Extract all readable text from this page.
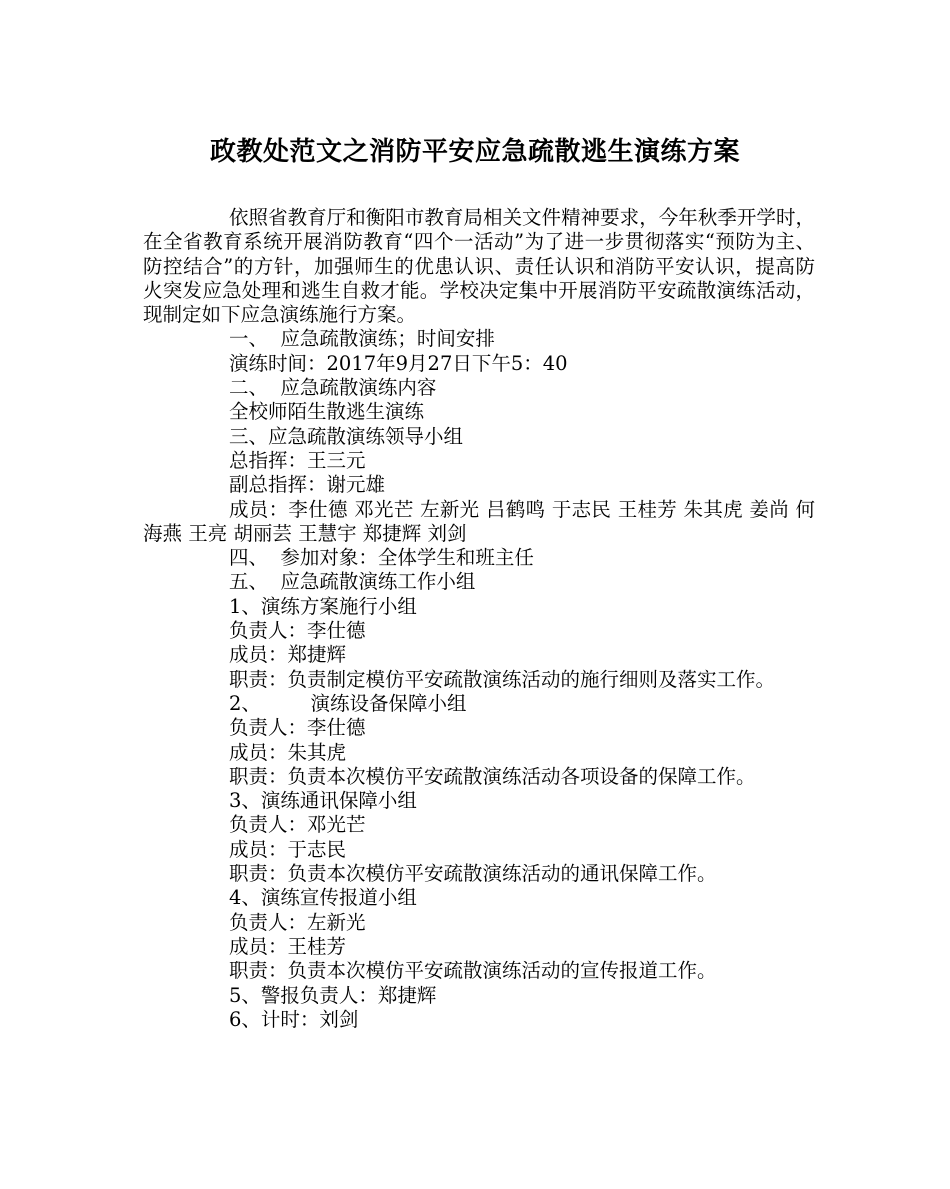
政教处范文之消防平安应急疏散逃生演练方案

依照省教育厅和衡阳市教育局相关文件精神要求，今年秋季开学时，在全省教育系统开展消防教育“四个一活动”为了进一步贯彻落实“预防为主、防控结合”的方针，加强师生的优患认识、责任认识和消防平安认识，提高防火突发应急处理和逃生自救才能。学校决定集中开展消防平安疏散演练活动，现制定如下应急演练施行方案。

一、  应急疏散演练；时间安排

演练时间：2017年9月27日下午5：40

二、  应急疏散演练内容

全校师陌生散逃生演练

三、应急疏散演练领导小组

总指挥：王三元

副总指挥：谢元雄

成员：李仕德 邓光芒 左新光 吕鹤鸣 于志民 王桂芳 朱其虎 姜尚 何海燕 王亮 胡丽芸 王慧宇 郑捷辉 刘剑

四、  参加对象：全体学生和班主任

五、  应急疏散演练工作小组

1、演练方案施行小组

负责人：李仕德

成员：郑捷辉

职责：负责制定模仿平安疏散演练活动的施行细则及落实工作。

2、        演练设备保障小组

负责人：李仕德

成员：朱其虎

职责：负责本次模仿平安疏散演练活动各项设备的保障工作。

3、演练通讯保障小组

负责人：邓光芒

成员：于志民

职责：负责本次模仿平安疏散演练活动的通讯保障工作。

4、演练宣传报道小组

负责人：左新光

成员：王桂芳

职责：负责本次模仿平安疏散演练活动的宣传报道工作。

5、警报负责人：郑捷辉

6、计时：刘剑
